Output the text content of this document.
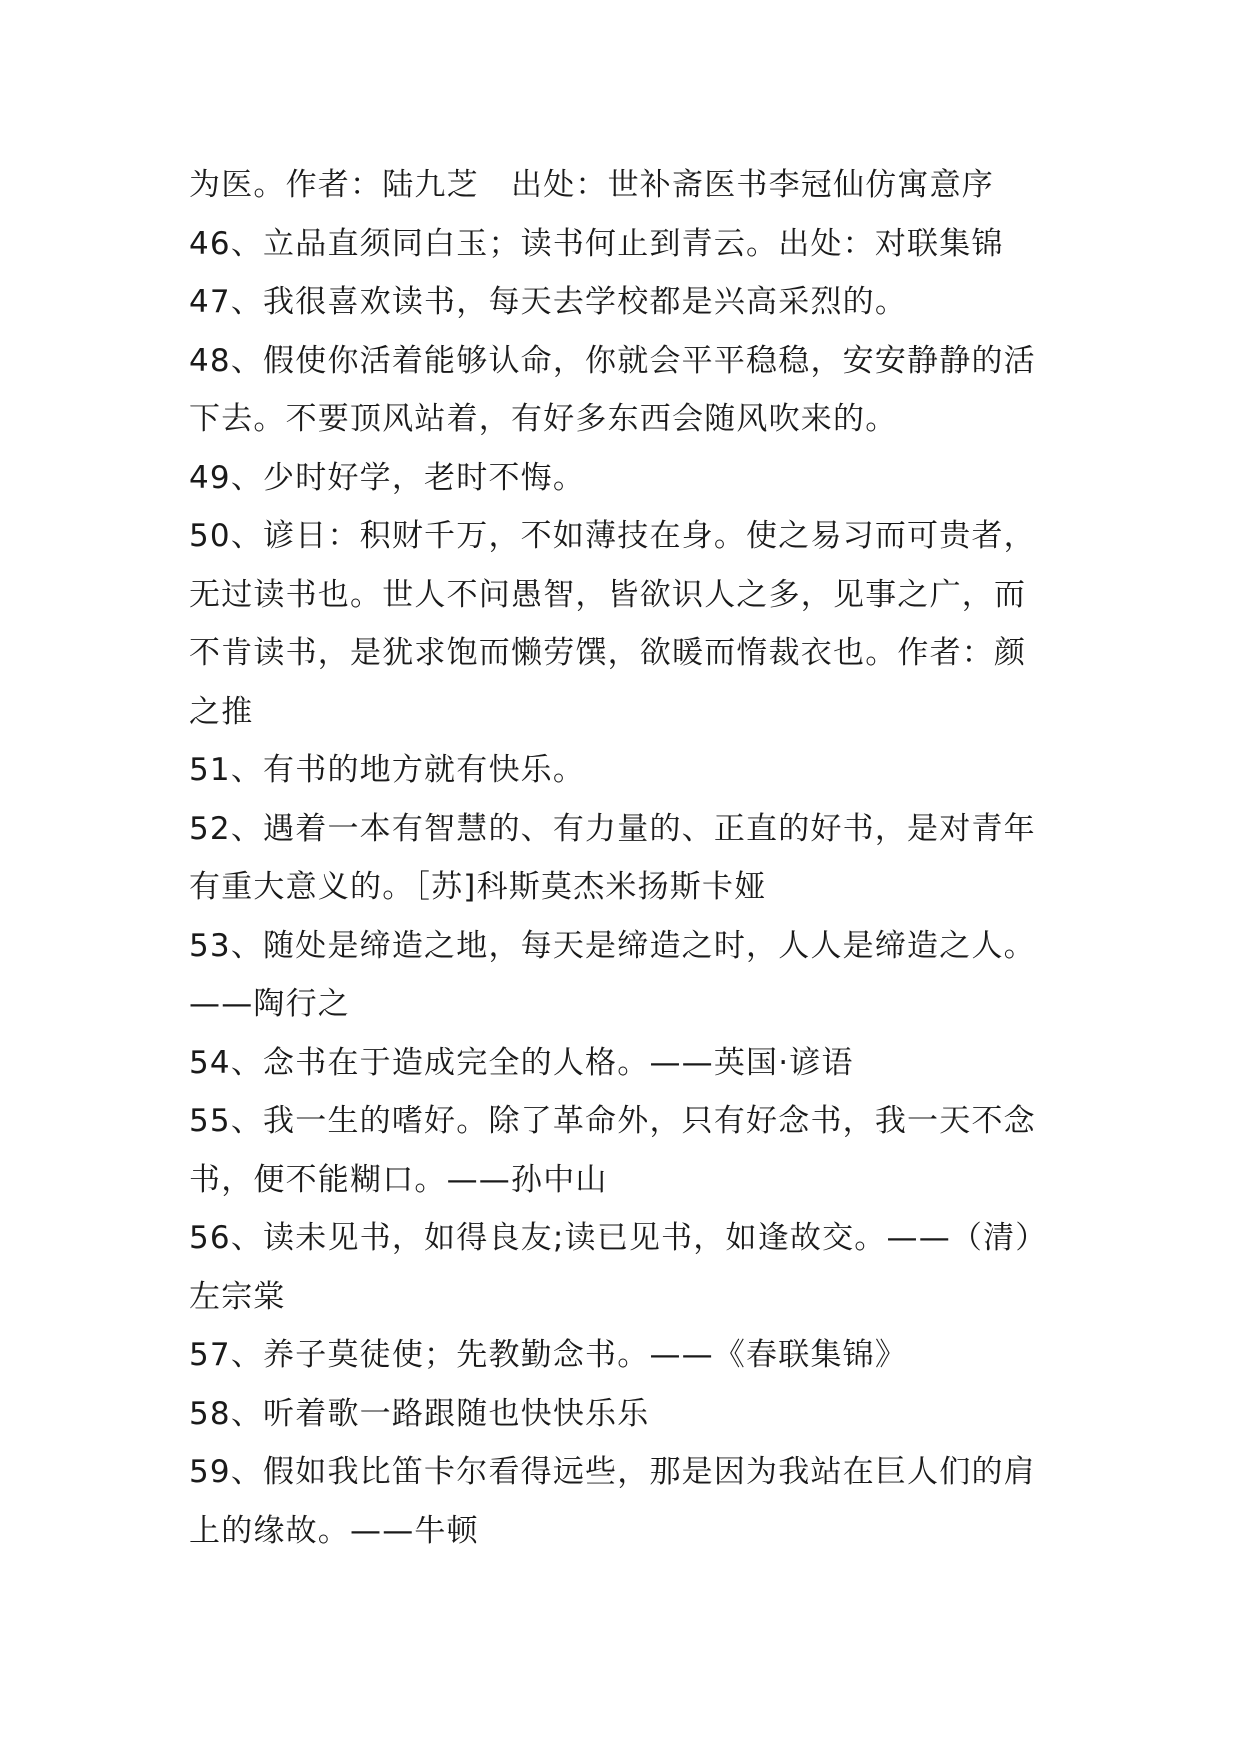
为医。作者：陆九芝　出处：世补斋医书李冠仙仿寓意序
46、立品直须同白玉；读书何止到青云。出处：对联集锦
47、我很喜欢读书，每天去学校都是兴高采烈的。
48、假使你活着能够认命，你就会平平稳稳，安安静静的活
下去。不要顶风站着，有好多东西会随风吹来的。
49、少时好学，老时不悔。
50、谚日：积财千万，不如薄技在身。使之易习而可贵者，
无过读书也。世人不问愚智，皆欲识人之多，见事之广，而
不肯读书，是犹求饱而懒劳馔，欲暖而惰裁衣也。作者：颜
之推
51、有书的地方就有快乐。
52、遇着一本有智慧的、有力量的、正直的好书，是对青年
有重大意义的。［苏]科斯莫杰米扬斯卡娅
53、随处是缔造之地，每天是缔造之时，人人是缔造之人。
——陶行之
54、念书在于造成完全的人格。——英国·谚语
55、我一生的嗜好。除了革命外，只有好念书，我一天不念
书，便不能糊口。——孙中山
56、读未见书，如得良友;读已见书，如逢故交。——（清）
左宗棠
57、养子莫徒使；先教勤念书。——《春联集锦》
58、听着歌一路跟随也快快乐乐
59、假如我比笛卡尔看得远些，那是因为我站在巨人们的肩
上的缘故。——牛顿
